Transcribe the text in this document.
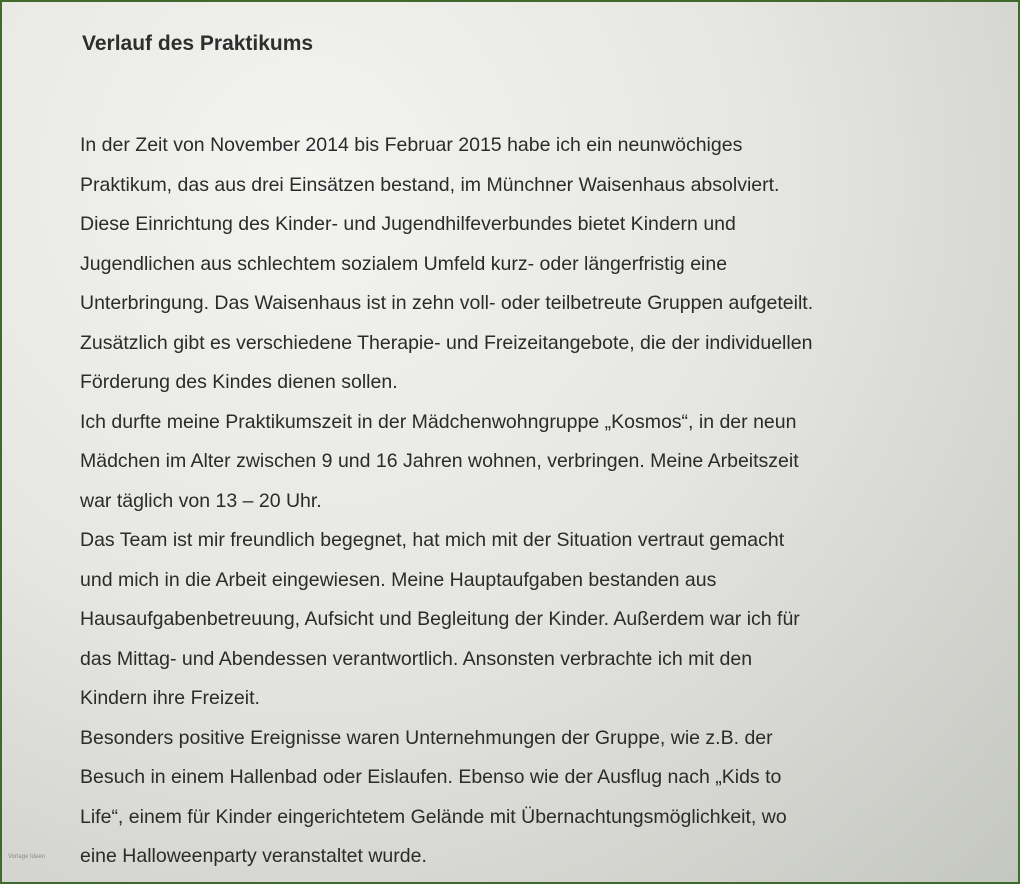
Verlauf des Praktikums
In der Zeit von November 2014 bis Februar 2015 habe ich ein neunwöchiges
Praktikum, das aus drei Einsätzen bestand, im Münchner Waisenhaus absolviert.
Diese Einrichtung des Kinder- und Jugendhilfeverbundes bietet Kindern und
Jugendlichen aus schlechtem sozialem Umfeld kurz- oder längerfristig eine
Unterbringung. Das Waisenhaus ist in zehn voll- oder teilbetreute Gruppen aufgeteilt.
Zusätzlich gibt es verschiedene Therapie- und Freizeitangebote, die der individuellen
Förderung des Kindes dienen sollen.
Ich durfte meine Praktikumszeit in der Mädchenwohngruppe „Kosmos“, in der neun
Mädchen im Alter zwischen 9 und 16 Jahren wohnen, verbringen. Meine Arbeitszeit
war täglich von 13 – 20 Uhr.
Das Team ist mir freundlich begegnet, hat mich mit der Situation vertraut gemacht
und mich in die Arbeit eingewiesen. Meine Hauptaufgaben bestanden aus
Hausaufgabenbetreuung, Aufsicht und Begleitung der Kinder. Außerdem war ich für
das Mittag- und Abendessen verantwortlich. Ansonsten verbrachte ich mit den
Kindern ihre Freizeit.
Besonders positive Ereignisse waren Unternehmungen der Gruppe, wie z.B. der
Besuch in einem Hallenbad oder Eislaufen. Ebenso wie der Ausflug nach „Kids to
Life“, einem für Kinder eingerichtetem Gelände mit Übernachtungsmöglichkeit, wo
eine Halloweenparty veranstaltet wurde.
Vorlage Ideen
